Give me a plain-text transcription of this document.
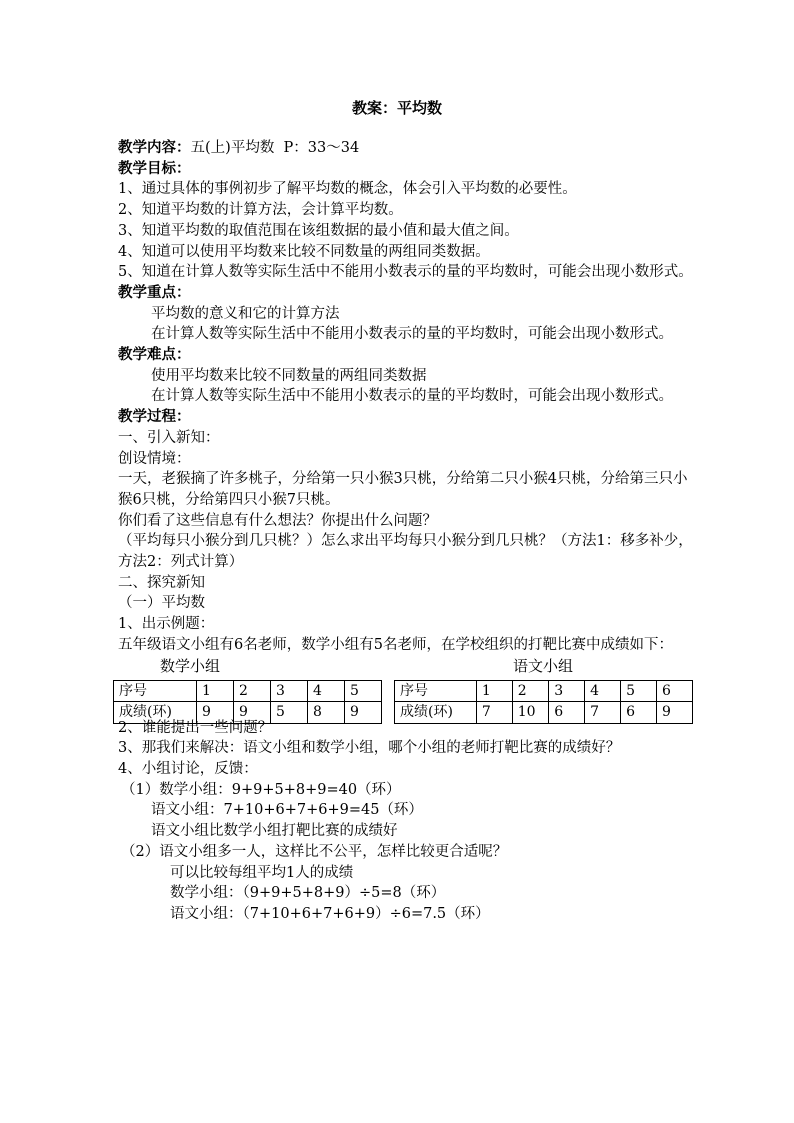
教案：平均数
教学内容：五(上)平均数  P：33～34
教学目标：
1、通过具体的事例初步了解平均数的概念，体会引入平均数的必要性。
2、知道平均数的计算方法，会计算平均数。
3、知道平均数的取值范围在该组数据的最小值和最大值之间。
4、知道可以使用平均数来比较不同数量的两组同类数据。
5、知道在计算人数等实际生活中不能用小数表示的量的平均数时，可能会出现小数形式。
教学重点：
平均数的意义和它的计算方法
在计算人数等实际生活中不能用小数表示的量的平均数时，可能会出现小数形式。
教学难点：
使用平均数来比较不同数量的两组同类数据
在计算人数等实际生活中不能用小数表示的量的平均数时，可能会出现小数形式。
教学过程：
一、引入新知：
创设情境：
一天，老猴摘了许多桃子，分给第一只小猴3只桃，分给第二只小猴4只桃，分给第三只小猴6只桃，分给第四只小猴7只桃。
你们看了这些信息有什么想法？你提出什么问题？
（平均每只小猴分到几只桃？）怎么求出平均每只小猴分到几只桃？（方法1：移多补少，方法2：列式计算）
二、探究新知
（一）平均数
1、出示例题：
五年级语文小组有6名老师，数学小组有5名老师，在学校组织的打靶比赛中成绩如下：
数学小组	语文小组
序号	1	2	3	4	5
成绩(环)	9	9	5	8	9
序号	1	2	3	4	5	6
成绩(环)	7	10	6	7	6	9
2、谁能提出一些问题？
3、那我们来解决：语文小组和数学小组，哪个小组的老师打靶比赛的成绩好？
4、小组讨论，反馈：
（1）数学小组：9+9+5+8+9=40（环）
语文小组：7+10+6+7+6+9=45（环）
语文小组比数学小组打靶比赛的成绩好
（2）语文小组多一人，这样比不公平，怎样比较更合适呢？
可以比较每组平均1人的成绩
数学小组：（9+9+5+8+9）÷5=8（环）
语文小组：（7+10+6+7+6+9）÷6=7.5（环）
